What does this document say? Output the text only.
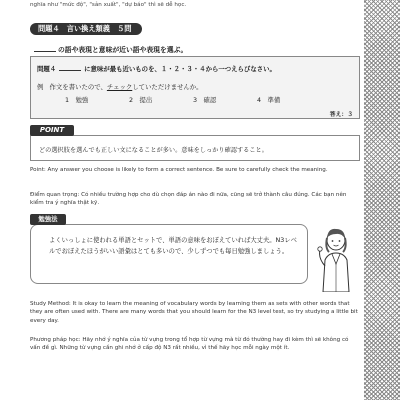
nghĩa như "mức độ", "sản xuất", "dự báo" thì sẽ dễ học.
問題４　言い換え類義　５問
の語や表現と意味が近い語や表現を選ぶ。
問題４	に意味が最も近いものを、１・２・３・４から一つえらびなさい。
例 作文を書いたので、チェックしていただけませんか。
1　勉強	2　提出	3　確認	4　準備
答え：３
どの選択肢を選んでも正しい文になることが多い。意味をしっかり確認すること。
POINT
Point: Any answer you choose is likely to form a correct sentence. Be sure to carefully check the meaning.
Điểm quan trọng: Có nhiều trường hợp cho dù chọn đáp án nào đi nữa, cũng sẽ trở thành câu đúng. Các bạn nên kiểm tra ý nghĩa thật kỹ.
よくいっしょに使われる単語とセットで、単語の意味をおぼえていれば大丈夫。N3レベルでおぼえたほうがいい語彙はとても多いので、少しずつでも毎日勉強しましょう。
勉強法
Study Method: It is okay to learn the meaning of vocabulary words by learning them as sets with other words that they are often used with. There are many words that you should learn for the N3 level test, so try studying a little bit every day.
Phương pháp học: Hãy nhớ ý nghĩa của từ vựng trong tổ hợp từ vựng mà từ đó thường hay đi kèm thì sẽ không có vấn đề gì. Những từ vựng cần ghi nhớ ở cấp độ N3 rất nhiều, vì thế hãy học mỗi ngày một ít.
